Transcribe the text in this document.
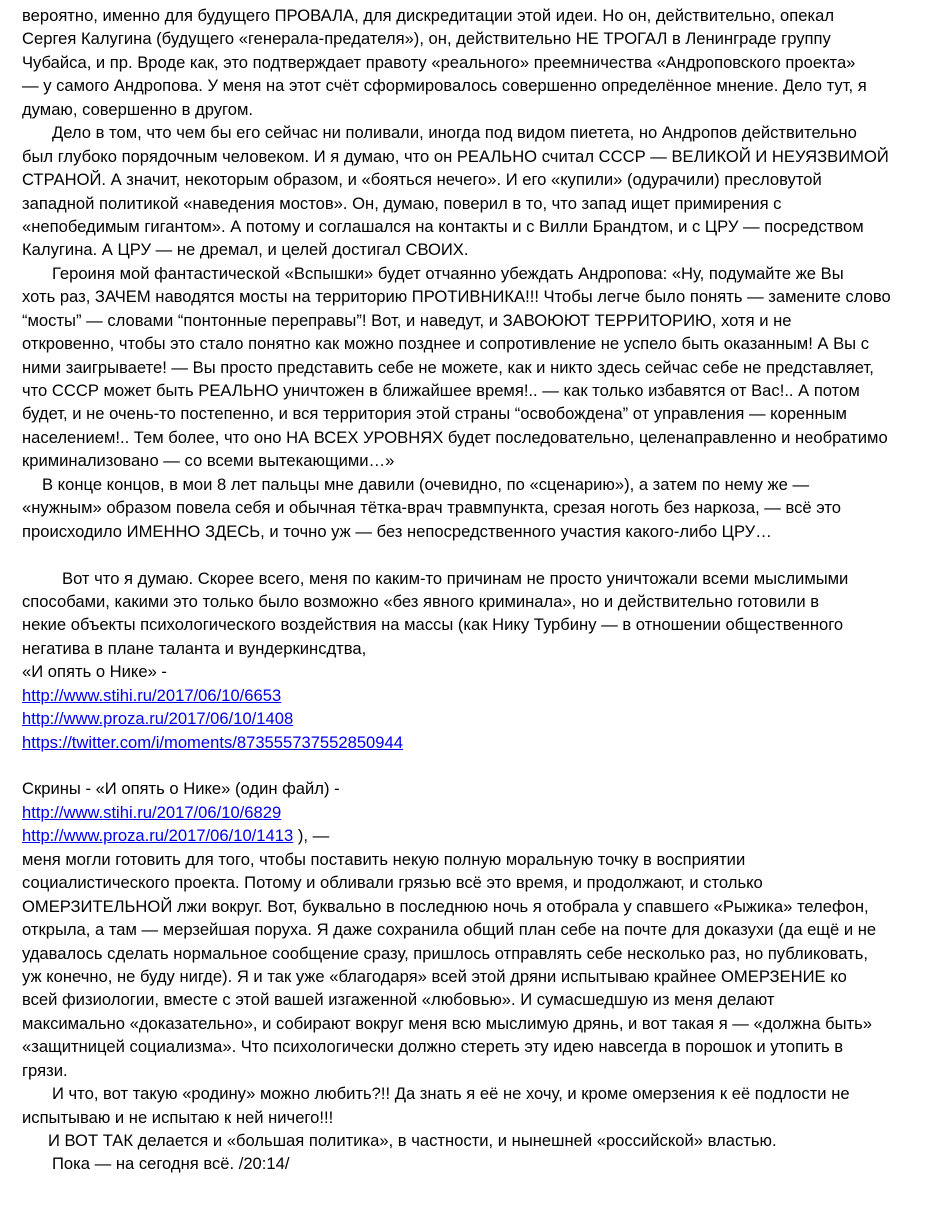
вероятно, именно для будущего ПРОВАЛА, для дискредитации этой идеи. Но он, действительно, опекал
Сергея Калугина (будущего «генерала-предателя»), он, действительно НЕ ТРОГАЛ в Ленинграде группу
Чубайса, и пр. Вроде как, это подтверждает правоту «реального» преемничества «Андроповского проекта»
— у самого Андропова. У меня на этот счёт сформировалось совершенно определённое мнение. Дело тут, я
думаю, совершенно в другом.
Дело в том, что чем бы его сейчас ни поливали, иногда под видом пиетета, но Андропов действительно
был глубоко порядочным человеком. И я думаю, что он РЕАЛЬНО считал СССР — ВЕЛИКОЙ И НЕУЯЗВИМОЙ
СТРАНОЙ. А значит, некоторым образом, и «бояться нечего». И его «купили» (одурачили) пресловутой
западной политикой «наведения мостов». Он, думаю, поверил в то, что запад ищет примирения с
«непобедимым гигантом». А потому и соглашался на контакты и с Вилли Брандтом, и с ЦРУ — посредством
Калугина. А ЦРУ — не дремал, и целей достигал СВОИХ.
Героиня мой фантастической «Вспышки» будет отчаянно убеждать Андропова: «Ну, подумайте же Вы
хоть раз, ЗАЧЕМ наводятся мосты на территорию ПРОТИВНИКА!!! Чтобы легче было понять — замените слово
“мосты” — словами “понтонные переправы”! Вот, и наведут, и ЗАВОЮЮТ ТЕРРИТОРИЮ, хотя и не
откровенно, чтобы это стало понятно как можно позднее и сопротивление не успело быть оказанным! А Вы с
ними заигрываете! — Вы просто представить себе не можете, как и никто здесь сейчас себе не представляет,
что СССР может быть РЕАЛЬНО уничтожен в ближайшее время!.. — как только избавятся от Вас!.. А потом
будет, и не очень-то постепенно, и вся территория этой страны “освобождена” от управления — коренным
населением!.. Тем более, что оно НА ВСЕХ УРОВНЯХ будет последовательно, целенаправленно и необратимо
криминализовано — со всеми вытекающими…»
В конце концов, в мои 8 лет пальцы мне давили (очевидно, по «сценарию»), а затем по нему же —
«нужным» образом повела себя и обычная тётка-врач травмпункта, срезая ноготь без наркоза, — всё это
происходило ИМЕННО ЗДЕСЬ, и точно уж — без непосредственного участия какого-либо ЦРУ…
Вот что я думаю. Скорее всего, меня по каким-то причинам не просто уничтожали всеми мыслимыми
способами, какими это только было возможно «без явного криминала», но и действительно готовили в
некие объекты психологического воздействия на массы (как Нику Турбину — в отношении общественного
негатива в плане таланта и вундеркинсдтва,
«И опять о Нике» -
http://www.stihi.ru/2017/06/10/6653
http://www.proza.ru/2017/06/10/1408
https://twitter.com/i/moments/873555737552850944
Скрины - «И опять о Нике» (один файл) -
http://www.stihi.ru/2017/06/10/6829
http://www.proza.ru/2017/06/10/1413 ), —
меня могли готовить для того, чтобы поставить некую полную моральную точку в восприятии
социалистического проекта. Потому и обливали грязью всё это время, и продолжают, и столько
ОМЕРЗИТЕЛЬНОЙ лжи вокруг. Вот, буквально в последнюю ночь я отобрала у спавшего «Рыжика» телефон,
открыла, а там — мерзейшая поруха. Я даже сохранила общий план себе на почте для доказухи (да ещё и не
удавалось сделать нормальное сообщение сразу, пришлось отправлять себе несколько раз, но публиковать,
уж конечно, не буду нигде). Я и так уже «благодаря» всей этой дряни испытываю крайнее ОМЕРЗЕНИЕ ко
всей физиологии, вместе с этой вашей изгаженной «любовью». И сумасшедшую из меня делают
максимально «доказательно», и собирают вокруг меня всю мыслимую дрянь, и вот такая я — «должна быть»
«защитницей социализма». Что психологически должно стереть эту идею навсегда в порошок и утопить в
грязи.
И что, вот такую «родину» можно любить?!! Да знать я её не хочу, и кроме омерзения к её подлости не
испытываю и не испытаю к ней ничего!!!
И ВОТ ТАК делается и «большая политика», в частности, и нынешней «российской» властью.
Пока — на сегодня всё. /20:14/
